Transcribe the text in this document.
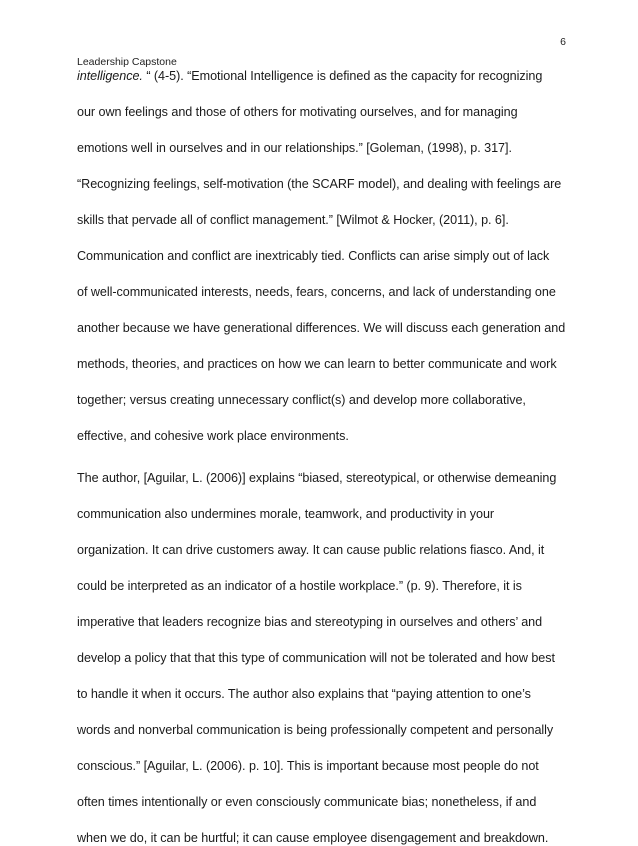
6
Leadership Capstone
intelligence. “ (4-5). “Emotional Intelligence is defined as the capacity for recognizing
our own feelings and those of others for motivating ourselves, and for managing
emotions well in ourselves and in our relationships.” [Goleman, (1998), p. 317].
“Recognizing feelings, self-motivation (the SCARF model), and dealing with feelings are
skills that pervade all of conflict management.” [Wilmot & Hocker, (2011), p. 6].
Communication and conflict are inextricably tied. Conflicts can arise simply out of lack
of well-communicated interests, needs, fears, concerns, and lack of understanding one
another because we have generational differences. We will discuss each generation and
methods, theories, and practices on how we can learn to better communicate and work
together; versus creating unnecessary conflict(s) and develop more collaborative,
effective, and cohesive work place environments.
The author, [Aguilar, L. (2006)] explains “biased, stereotypical, or otherwise demeaning
communication also undermines morale, teamwork, and productivity in your
organization. It can drive customers away. It can cause public relations fiasco. And, it
could be interpreted as an indicator of a hostile workplace.” (p. 9). Therefore, it is
imperative that leaders recognize bias and stereotyping in ourselves and others’ and
develop a policy that that this type of communication will not be tolerated and how best
to handle it when it occurs. The author also explains that “paying attention to one’s
words and nonverbal communication is being professionally competent and personally
conscious.” [Aguilar, L. (2006). p. 10]. This is important because most people do not
often times intentionally or even consciously communicate bias; nonetheless, if and
when we do, it can be hurtful; it can cause employee disengagement and breakdown.
